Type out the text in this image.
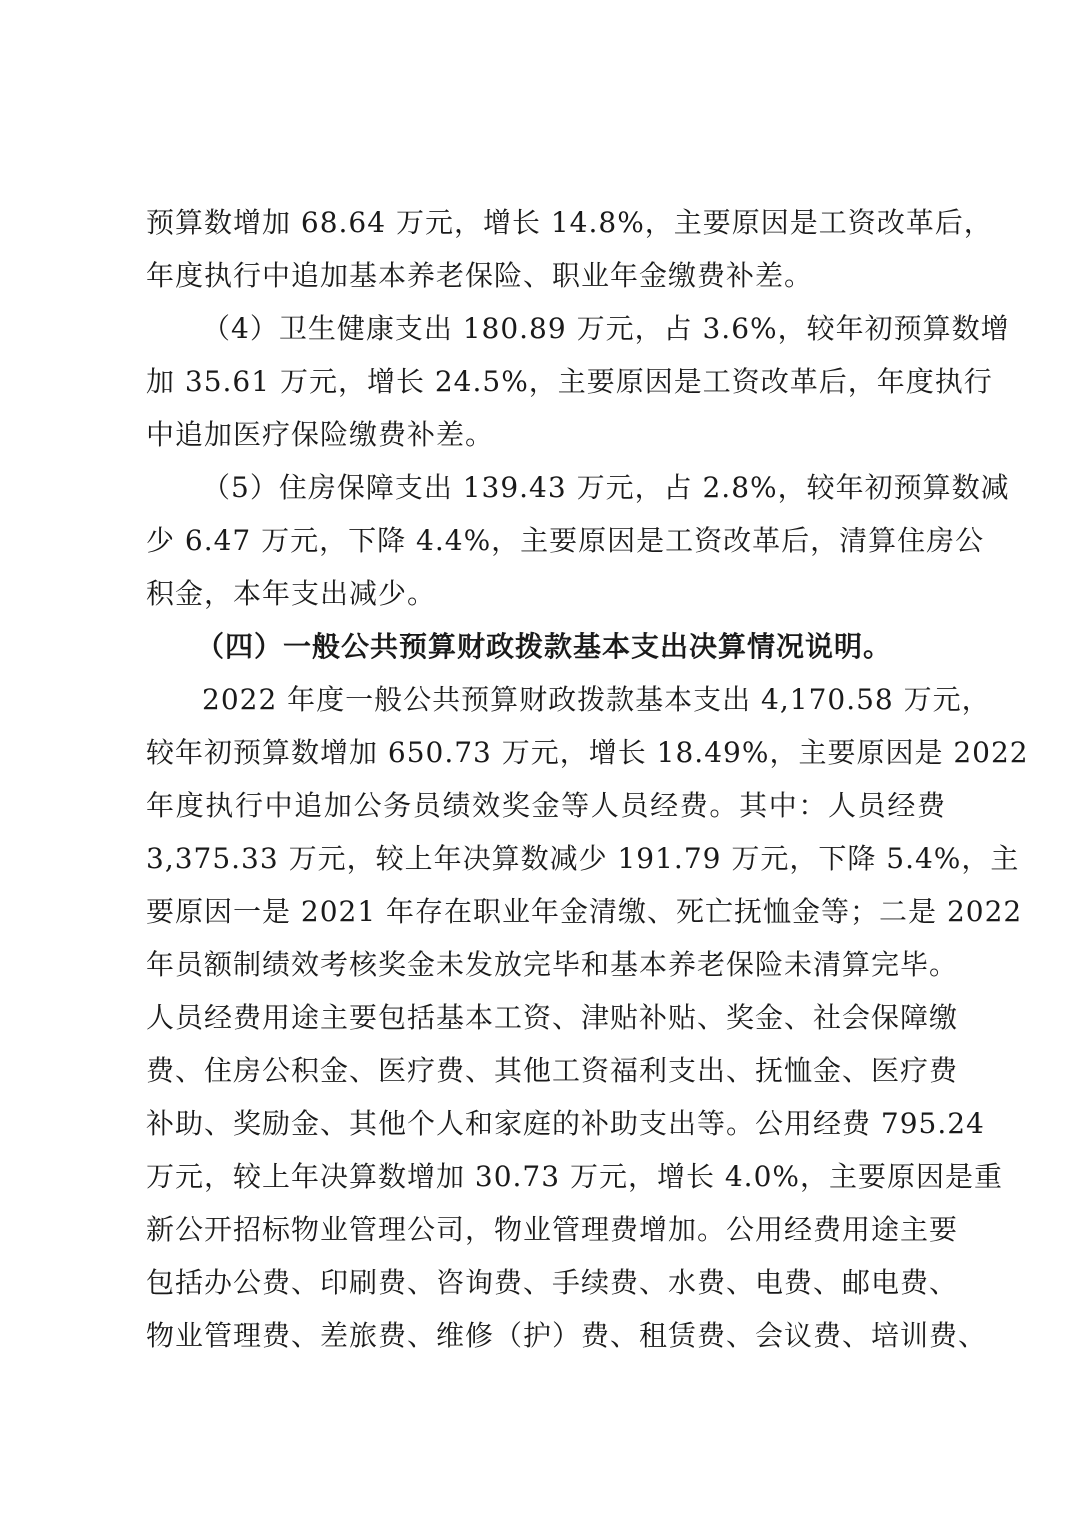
预算数增加 68.64 万元，增长 14.8%，主要原因是工资改革后，
年度执行中追加基本养老保险、职业年金缴费补差。
（4）卫生健康支出 180.89 万元，占 3.6%，较年初预算数增
加 35.61 万元，增长 24.5%，主要原因是工资改革后，年度执行
中追加医疗保险缴费补差。
（5）住房保障支出 139.43 万元，占 2.8%，较年初预算数减
少 6.47 万元，下降 4.4%，主要原因是工资改革后，清算住房公
积金，本年支出减少。
（四）一般公共预算财政拨款基本支出决算情况说明。
2022 年度一般公共预算财政拨款基本支出 4,170.58 万元，
较年初预算数增加 650.73 万元，增长 18.49%，主要原因是 2022
年度执行中追加公务员绩效奖金等人员经费。其中：人员经费
3,375.33 万元，较上年决算数减少 191.79 万元，下降 5.4%，主
要原因一是 2021 年存在职业年金清缴、死亡抚恤金等；二是 2022
年员额制绩效考核奖金未发放完毕和基本养老保险未清算完毕。
人员经费用途主要包括基本工资、津贴补贴、奖金、社会保障缴
费、住房公积金、医疗费、其他工资福利支出、抚恤金、医疗费
补助、奖励金、其他个人和家庭的补助支出等。公用经费 795.24
万元，较上年决算数增加 30.73 万元，增长 4.0%，主要原因是重
新公开招标物业管理公司，物业管理费增加。公用经费用途主要
包括办公费、印刷费、咨询费、手续费、水费、电费、邮电费、
物业管理费、差旅费、维修（护）费、租赁费、会议费、培训费、
